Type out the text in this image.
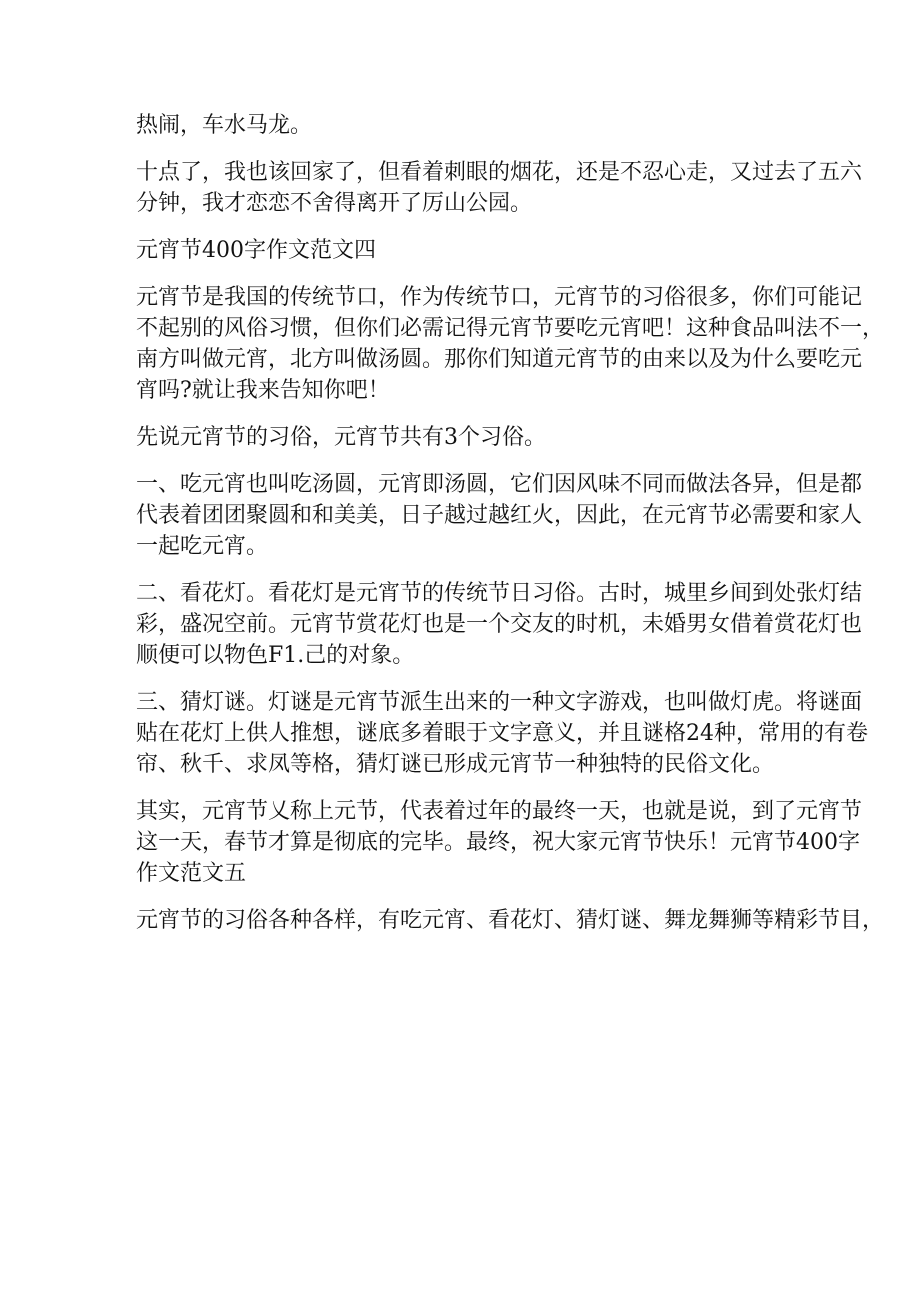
热闹，车水马龙。
十点了，我也该回家了，但看着刺眼的烟花，还是不忍心走，又过去了五六
分钟，我才恋恋不舍得离开了厉山公园。
元宵节400字作文范文四
元宵节是我国的传统节口，作为传统节口，元宵节的习俗很多，你们可能记
不起别的风俗习惯，但你们必需记得元宵节要吃元宵吧！这种食品叫法不一，
南方叫做元宵，北方叫做汤圆。那你们知道元宵节的由来以及为什么要吃元
宵吗?就让我来告知你吧！
先说元宵节的习俗，元宵节共有3个习俗。
一、吃元宵也叫吃汤圆，元宵即汤圆，它们因风味不同而做法各异，但是都
代表着团团聚圆和和美美，日子越过越红火，因此，在元宵节必需要和家人
一起吃元宵。
二、看花灯。看花灯是元宵节的传统节日习俗。古时，城里乡间到处张灯结
彩，盛况空前。元宵节赏花灯也是一个交友的时机，未婚男女借着赏花灯也
顺便可以物色F1.己的对象。
三、猜灯谜。灯谜是元宵节派生出来的一种文字游戏，也叫做灯虎。将谜面
贴在花灯上供人推想，谜底多着眼于文字意义，并且谜格24种，常用的有卷
帘、秋千、求凤等格，猜灯谜已形成元宵节一种独特的民俗文化。
其实，元宵节乂称上元节，代表着过年的最终一天，也就是说，到了元宵节
这一天，春节才算是彻底的完毕。最终，祝大家元宵节快乐！元宵节400字
作文范文五
元宵节的习俗各种各样，有吃元宵、看花灯、猜灯谜、舞龙舞狮等精彩节目，
